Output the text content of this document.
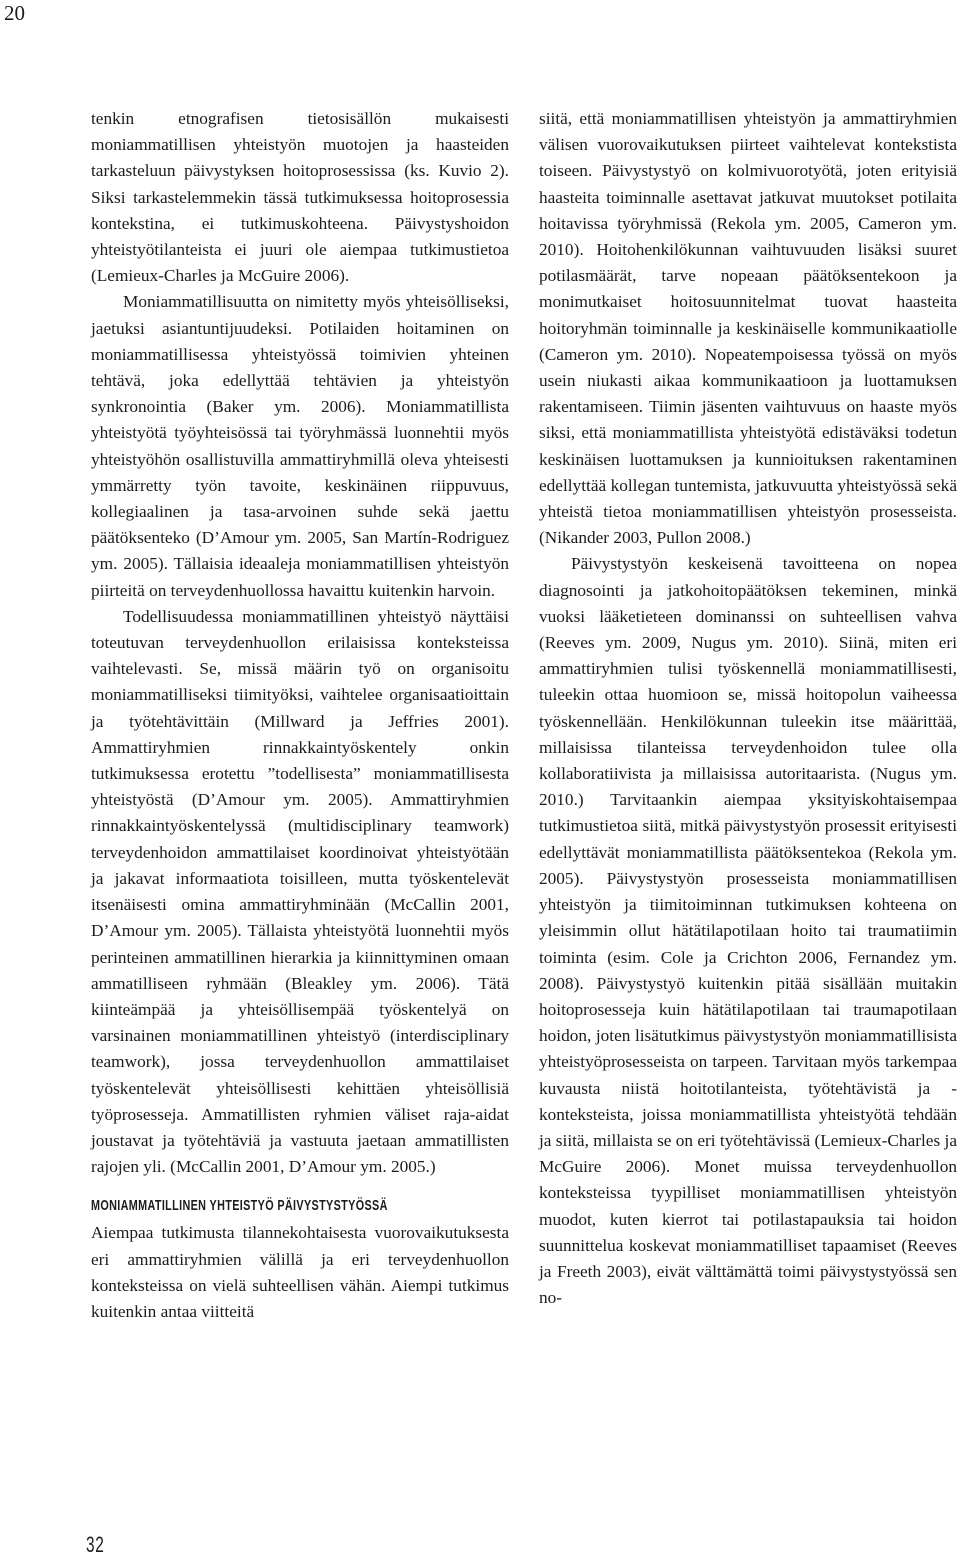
20

tenkin etnografisen tietosisällön mukaisesti moniammatillisen yhteistyön muotojen ja haasteiden tarkasteluun päivystyksen hoitoprosessissa (ks. Kuvio 2). Siksi tarkastelemmekin tässä tutkimuksessa hoitoprosessia kontekstina, ei tutkimuskohteena. Päivystyshoidon yhteistyötilanteista ei juuri ole aiempaa tutkimustietoa (Lemieux-Charles ja McGuire 2006).

Moniammatillisuutta on nimitetty myös yhteisölliseksi, jaetuksi asiantuntijuudeksi. Potilaiden hoitaminen on moniammatillisessa yhteistyössä toimivien yhteinen tehtävä, joka edellyttää tehtävien ja yhteistyön synkronointia (Baker ym. 2006). Moniammatillista yhteistyötä työyhteisössä tai työryhmässä luonnehtii myös yhteistyöhön osallistuvilla ammattiryhmillä oleva yhteisesti ymmärretty työn tavoite, keskinäinen riippuvuus, kollegiaalinen ja tasa-arvoinen suhde sekä jaettu päätöksenteko (D’Amour ym. 2005, San Martín-Rodriguez ym. 2005). Tällaisia ideaaleja moniammatillisen yhteistyön piirteitä on terveydenhuollossa havaittu kuitenkin harvoin.

Todellisuudessa moniammatillinen yhteistyö näyttäisi toteutuvan terveydenhuollon erilaisissa konteksteissa vaihtelevasti. Se, missä määrin työ on organisoitu moniammatilliseksi tiimityöksi, vaihtelee organisaatioittain ja työtehtävittäin (Millward ja Jeffries 2001). Ammattiryhmien rinnakkaintyöskentely onkin tutkimuksessa erotettu ”todellisesta” moniammatillisesta yhteistyöstä (D’Amour ym. 2005). Ammattiryhmien rinnakkaintyöskentelyssä (multidisciplinary teamwork) terveydenhoidon ammattilaiset koordinoivat yhteistyötään ja jakavat informaatiota toisilleen, mutta työskentelevät itsenäisesti omina ammattiryhminään (McCallin 2001, D’Amour ym. 2005). Tällaista yhteistyötä luonnehtii myös perinteinen ammatillinen hierarkia ja kiinnittyminen omaan ammatilliseen ryhmään (Bleakley ym. 2006). Tätä kiinteämpää ja yhteisöllisempää työskentelyä on varsinainen moniammatillinen yhteistyö (interdisciplinary teamwork), jossa terveydenhuollon ammattilaiset työskentelevät yhteisöllisesti kehittäen yhteisöllisiä työprosesseja. Ammatillisten ryhmien väliset raja-aidat joustavat ja työtehtäviä ja vastuuta jaetaan ammatillisten rajojen yli. (McCallin 2001, D’Amour ym. 2005.)

MONIAMMATILLINEN YHTEISTYÖ PÄIVYSTYSTYÖSSÄ

Aiempaa tutkimusta tilannekohtaisesta vuorovaikutuksesta eri ammattiryhmien välillä ja eri terveydenhuollon konteksteissa on vielä suhteellisen vähän. Aiempi tutkimus kuitenkin antaa viitteitä

siitä, että moniammatillisen yhteistyön ja ammattiryhmien välisen vuorovaikutuksen piirteet vaihtelevat kontekstista toiseen. Päivystystyö on kolmivuorotyötä, joten erityisiä haasteita toiminnalle asettavat jatkuvat muutokset potilaita hoitavissa työryhmissä (Rekola ym. 2005, Cameron ym. 2010). Hoitohenkilökunnan vaihtuvuuden lisäksi suuret potilasmäärät, tarve nopeaan päätöksentekoon ja monimutkaiset hoitosuunnitelmat tuovat haasteita hoitoryhmän toiminnalle ja keskinäiselle kommunikaatiolle (Cameron ym. 2010). Nopeatempoisessa työssä on myös usein niukasti aikaa kommunikaatioon ja luottamuksen rakentamiseen. Tiimin jäsenten vaihtuvuus on haaste myös siksi, että moniammatillista yhteistyötä edistäväksi todetun keskinäisen luottamuksen ja kunnioituksen rakentaminen edellyttää kollegan tuntemista, jatkuvuutta yhteistyössä sekä yhteistä tietoa moniammatillisen yhteistyön prosesseista. (Nikander 2003, Pullon 2008.)

Päivystystyön keskeisenä tavoitteena on nopea diagnosointi ja jatkohoitopäätöksen tekeminen, minkä vuoksi lääketieteen dominanssi on suhteellisen vahva (Reeves ym. 2009, Nugus ym. 2010). Siinä, miten eri ammattiryhmien tulisi työskennellä moniammatillisesti, tuleekin ottaa huomioon se, missä hoitopolun vaiheessa työskennellään. Henkilökunnan tuleekin itse määrittää, millaisissa tilanteissa terveydenhoidon tulee olla kollaboratiivista ja millaisissa autoritaarista. (Nugus ym. 2010.) Tarvitaankin aiempaa yksityiskohtaisempaa tutkimustietoa siitä, mitkä päivystystyön prosessit erityisesti edellyttävät moniammatillista päätöksentekoa (Rekola ym. 2005). Päivystystyön prosesseista moniammatillisen yhteistyön ja tiimitoiminnan tutkimuksen kohteena on yleisimmin ollut hätätilapotilaan hoito tai traumatiimin toiminta (esim. Cole ja Crichton 2006, Fernandez ym. 2008). Päivystystyö kuitenkin pitää sisällään muitakin hoitoprosesseja kuin hätätilapotilaan tai traumapotilaan hoidon, joten lisätutkimus päivystystyön moniammatillisista yhteistyöprosesseista on tarpeen. Tarvitaan myös tarkempaa kuvausta niistä hoitotilanteista, työtehtävistä ja -konteksteista, joissa moniammatillista yhteistyötä tehdään ja siitä, millaista se on eri työtehtävissä (Lemieux-Charles ja McGuire 2006). Monet muissa terveydenhuollon konteksteissa tyypilliset moniammatillisen yhteistyön muodot, kuten kierrot tai potilastapauksia tai hoidon suunnittelua koskevat moniammatilliset tapaamiset (Reeves ja Freeth 2003), eivät välttämättä toimi päivystystyössä sen no-

32
